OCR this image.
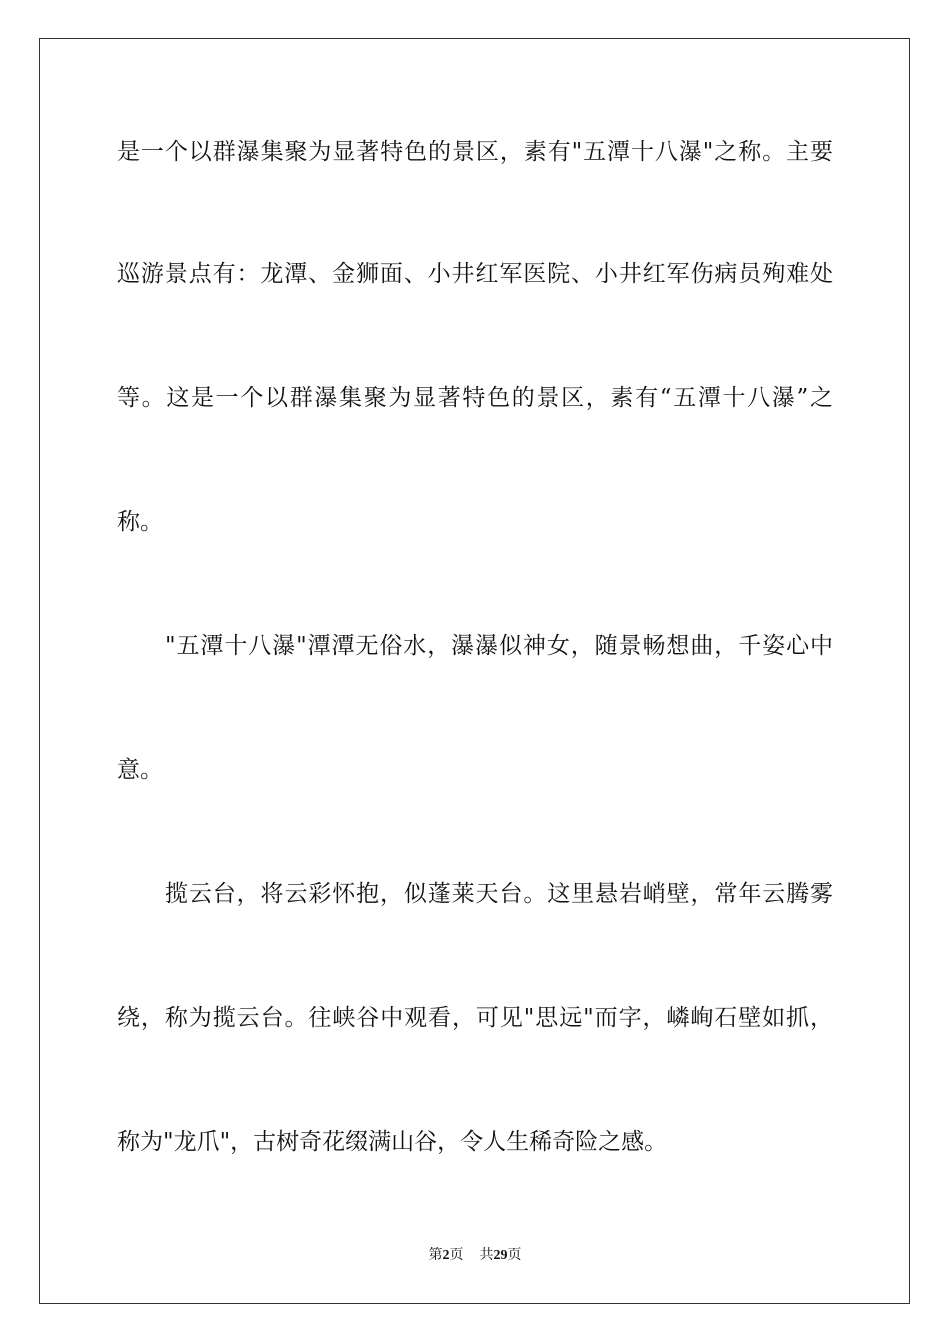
是一个以群瀑集聚为显著特色的景区，素有"五潭十八瀑"之称。主要
巡游景点有：龙潭、金狮面、小井红军医院、小井红军伤病员殉难处
等。这是一个以群瀑集聚为显著特色的景区，素有“五潭十八瀑”之
称。
"五潭十八瀑"潭潭无俗水，瀑瀑似神女，随景畅想曲，千姿心中
意。
揽云台，将云彩怀抱，似蓬莱天台。这里悬岩峭壁，常年云腾雾
绕，称为揽云台。往峡谷中观看，可见"思远"而字，嶙峋石壁如抓，
称为"龙爪"，古树奇花缀满山谷，令人生稀奇险之感。
第2页 共29页
